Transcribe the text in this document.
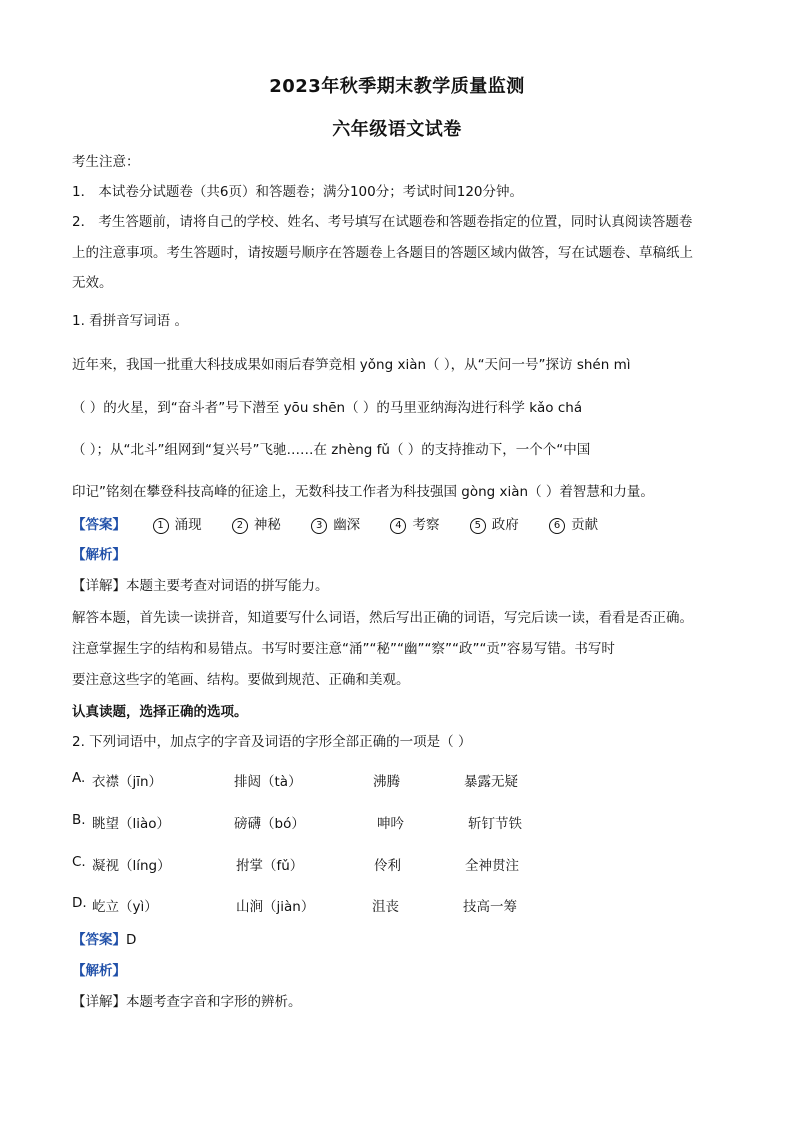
2023年秋季期末教学质量监测
六年级语文试卷
考生注意：
1． 本试卷分试题卷（共6页）和答题卷；满分100分；考试时间120分钟。
2． 考生答题前，请将自己的学校、姓名、考号填写在试题卷和答题卷指定的位置，同时认真阅读答题卷
上的注意事项。考生答题时，请按题号顺序在答题卷上各题目的答题区域内做答，写在试题卷、草稿纸上
无效。
1. 看拼音写词语 。
近年来，我国一批重大科技成果如雨后春笋竞相 yǒng xiàn（ ），从“天问一号”探访 shén mì
（ ）的火星，到“奋斗者”号下潜至 yōu shēn（ ）的马里亚纳海沟进行科学 kǎo chá
（ ）；从“北斗”组网到“复兴号”飞驰……在 zhèng fǔ（ ）的支持推动下，一个个“中国
印记”铭刻在攀登科技高峰的征途上，无数科技工作者为科技强国 gòng xiàn（ ）着智慧和力量。
【答案】	1 涌现	2 神秘	3 幽深	4 考察	5 政府	6 贡献
【解析】
【详解】本题主要考查对词语的拼写能力。
解答本题，首先读一读拼音，知道要写什么词语，然后写出正确的词语，写完后读一读，看看是否正确。
注意掌握生字的结构和易错点。书写时要注意“涌”“秘”“幽”“察”“政”“贡”容易写错。书写时
要注意这些字的笔画、结构。要做到规范、正确和美观。
认真读题，选择正确的选项。
2. 下列词语中，加点字的字音及词语的字形全部正确的一项是（ ）
A. 衣襟（jīn）	排闼（tà）	沸腾	暴露无疑
B. 眺望（liào）	磅礴（bó）	呻吟	斩钉节铁
C. 凝视（líng）	拊掌（fǔ）	伶利	全神贯注
D. 屹立（yì）	山涧（jiàn）	沮丧	技高一筹
【答案】D
【解析】
【详解】本题考查字音和字形的辨析。
